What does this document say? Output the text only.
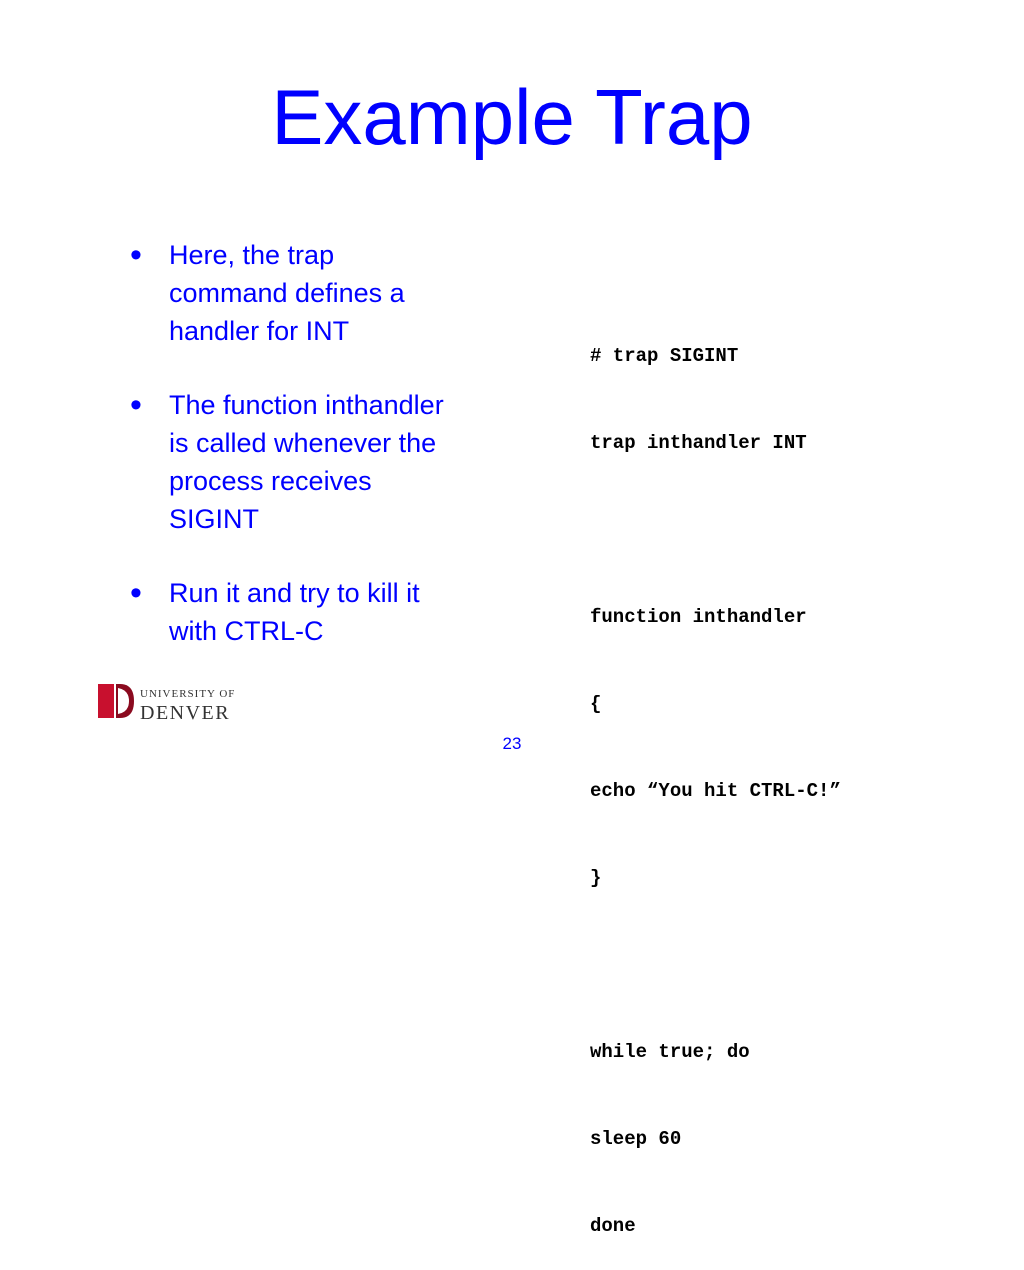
Example Trap
• Here, the trap
command defines a
handler for INT
• The function inthandler
is called whenever the
process receives
SIGINT
• Run it and try to kill it
with CTRL-C

# trap SIGINT

trap inthandler INT

function inthandler

{

echo “You hit CTRL-C!”

}

while true; do

sleep 60

done

UNIVERSITY OF
DENVER
23
